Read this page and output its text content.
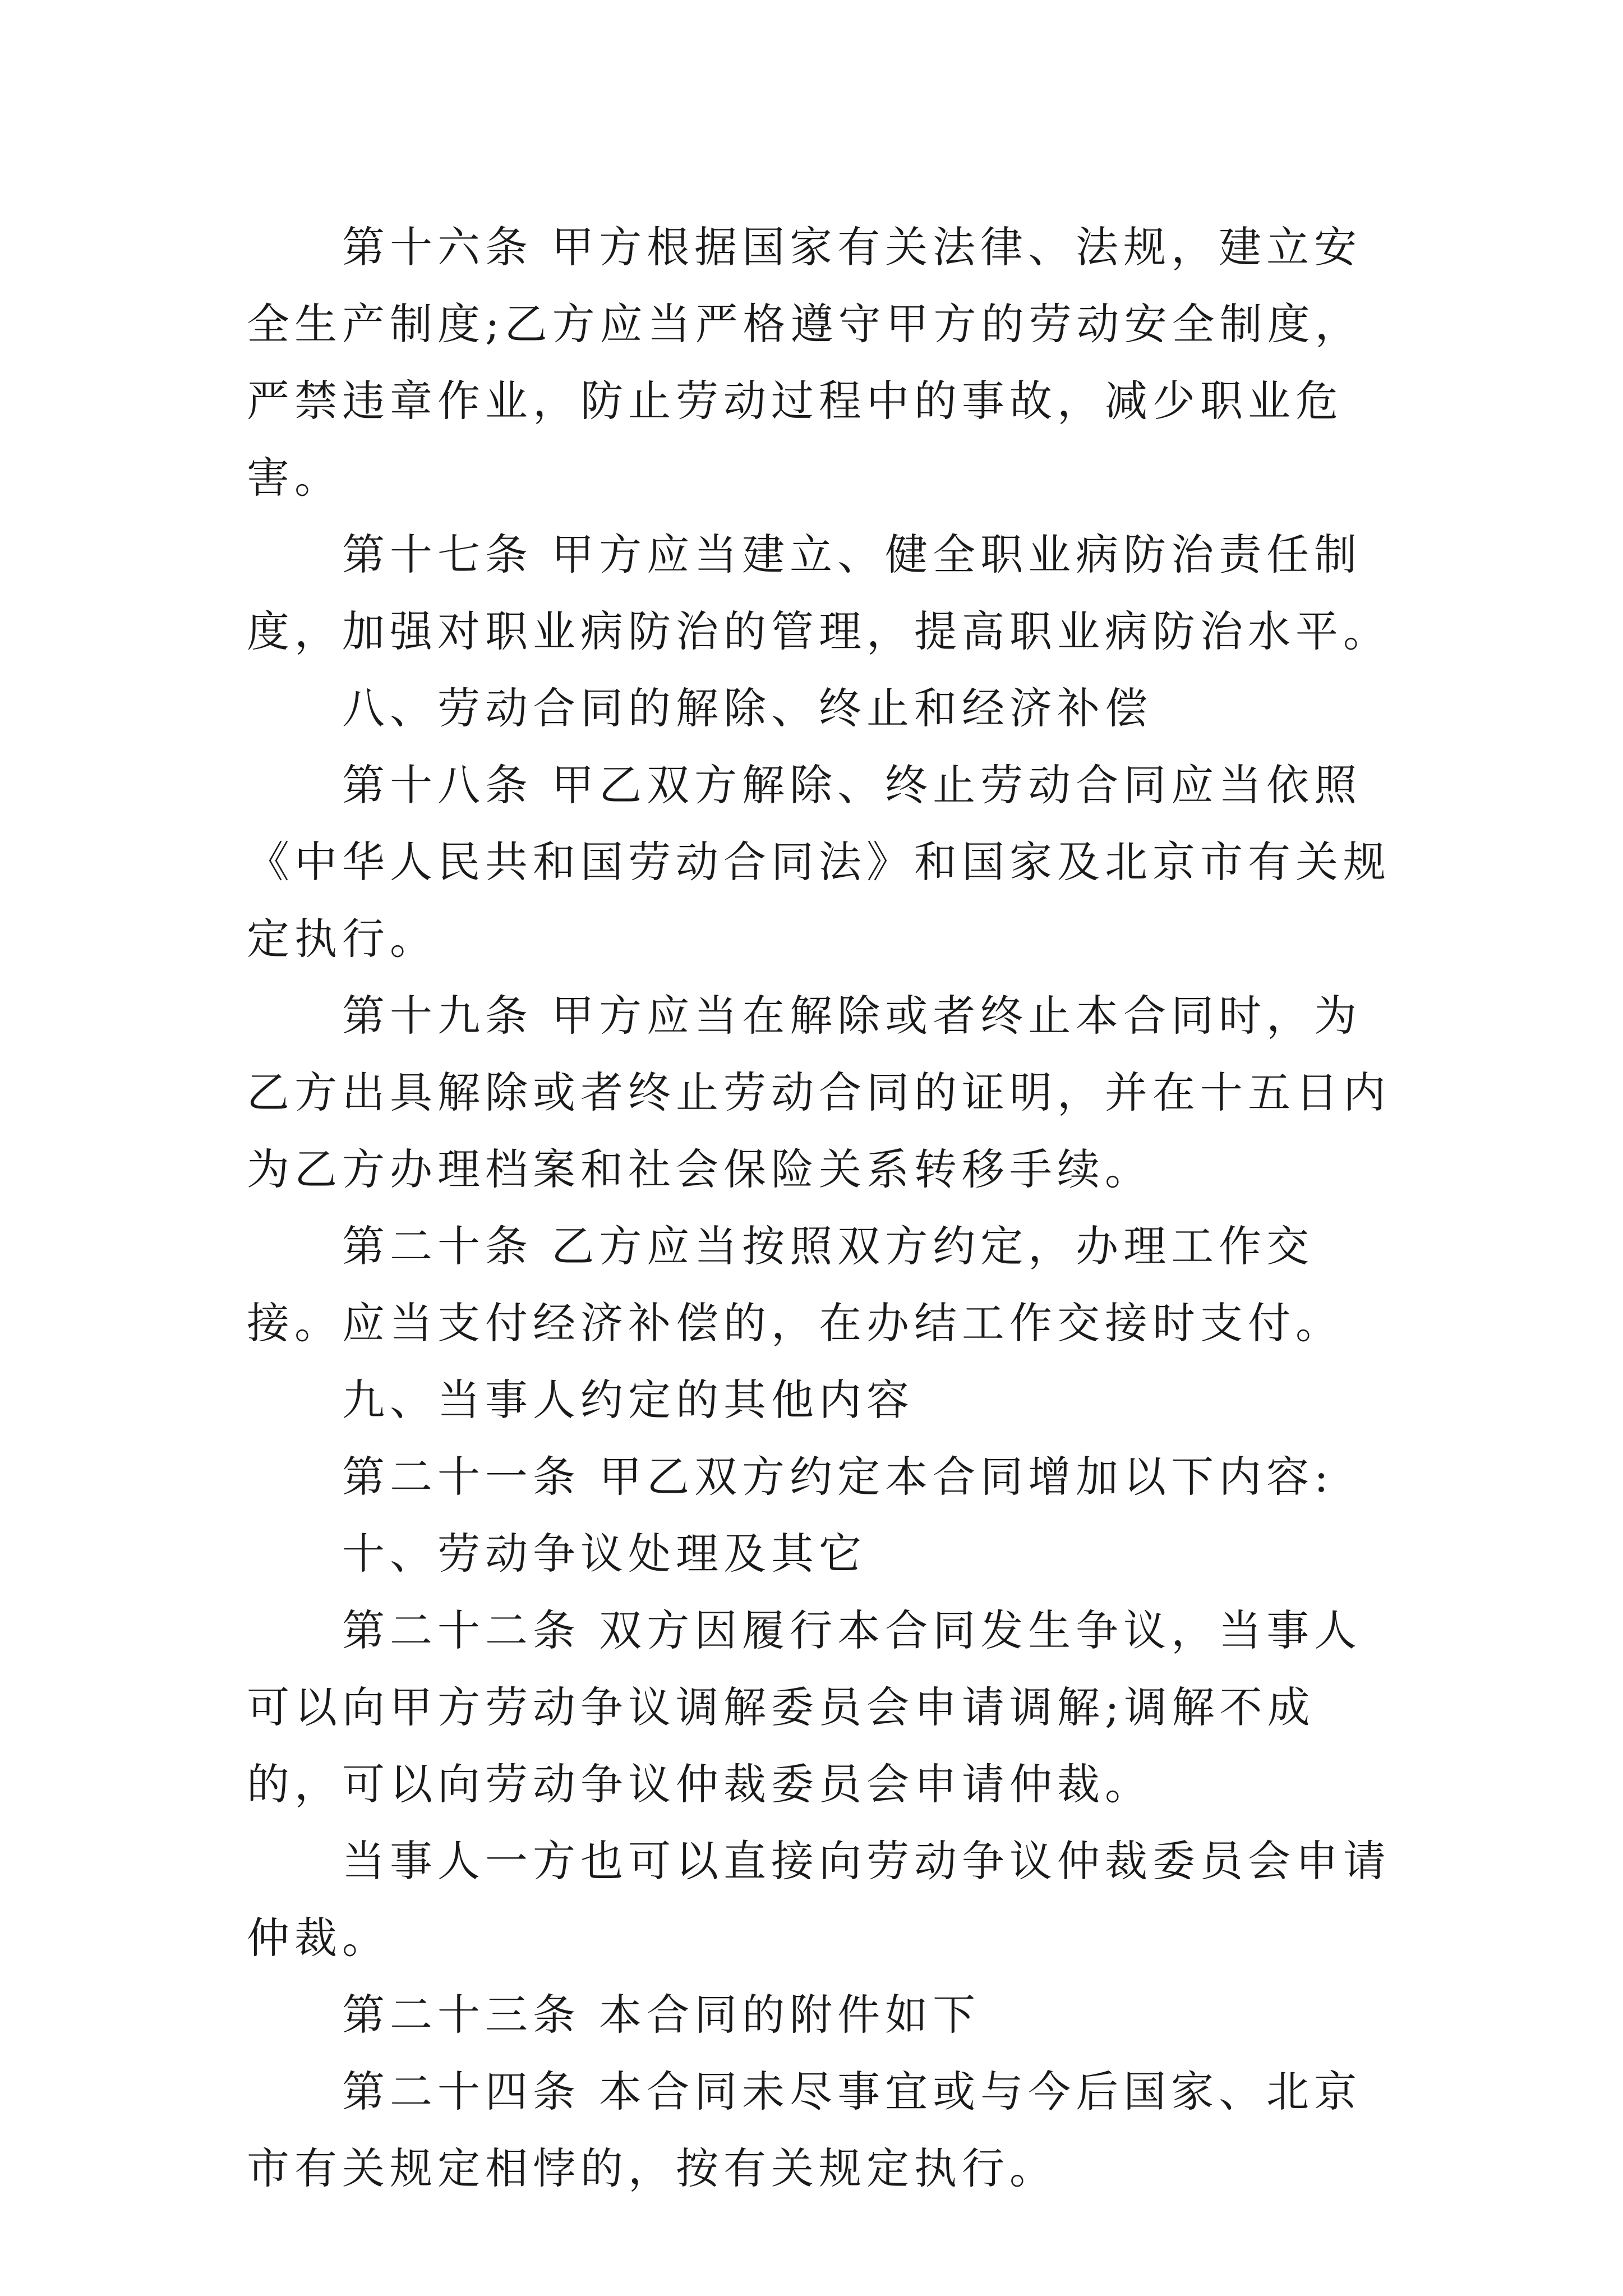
第十六条 甲方根据国家有关法律、法规，建立安全生产制度;乙方应当严格遵守甲方的劳动安全制度，严禁违章作业，防止劳动过程中的事故，减少职业危害。

第十七条 甲方应当建立、健全职业病防治责任制度，加强对职业病防治的管理，提高职业病防治水平。

八、劳动合同的解除、终止和经济补偿

第十八条 甲乙双方解除、终止劳动合同应当依照《中华人民共和国劳动合同法》和国家及北京市有关规定执行。

第十九条 甲方应当在解除或者终止本合同时，为乙方出具解除或者终止劳动合同的证明，并在十五日内为乙方办理档案和社会保险关系转移手续。

第二十条 乙方应当按照双方约定，办理工作交接。应当支付经济补偿的，在办结工作交接时支付。

九、当事人约定的其他内容

第二十一条 甲乙双方约定本合同增加以下内容:

十、劳动争议处理及其它

第二十二条 双方因履行本合同发生争议，当事人可以向甲方劳动争议调解委员会申请调解;调解不成的，可以向劳动争议仲裁委员会申请仲裁。

当事人一方也可以直接向劳动争议仲裁委员会申请仲裁。

第二十三条 本合同的附件如下

第二十四条 本合同未尽事宜或与今后国家、北京市有关规定相悖的，按有关规定执行。
